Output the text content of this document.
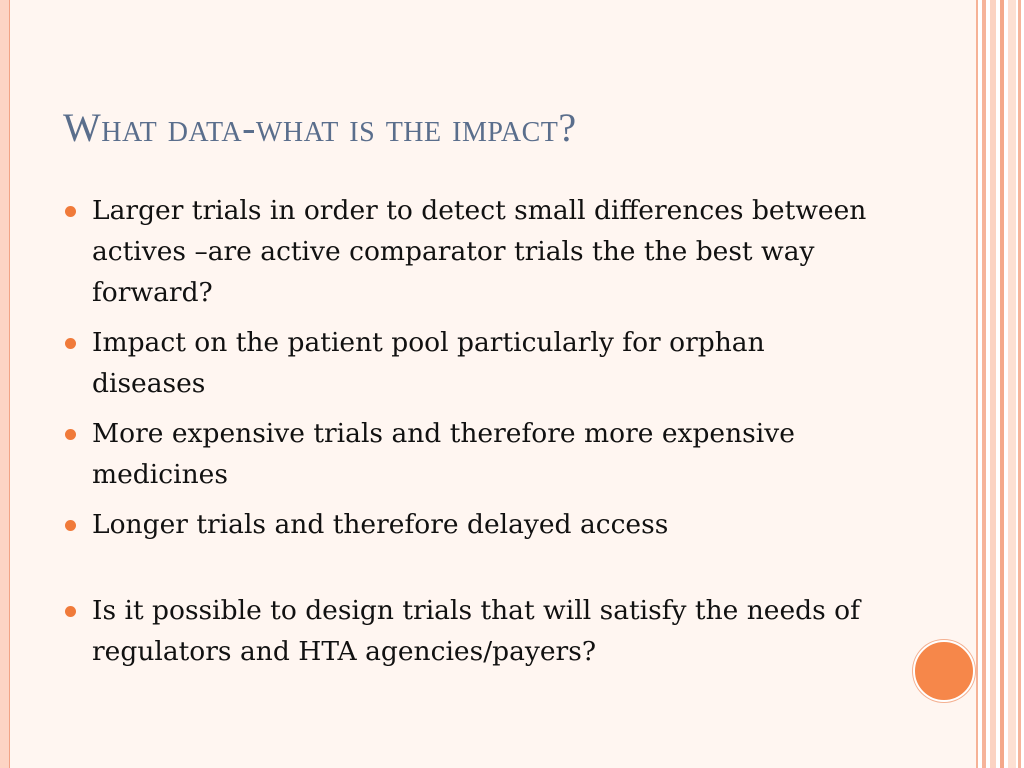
What data-what is the impact?
Larger trials in order to detect small differences between actives –are active comparator trials the the best way forward?
Impact on the patient pool particularly for orphan diseases
More expensive trials and therefore more expensive medicines
Longer trials and therefore delayed access
Is it possible to design trials that will satisfy the needs of regulators and HTA agencies/payers?
